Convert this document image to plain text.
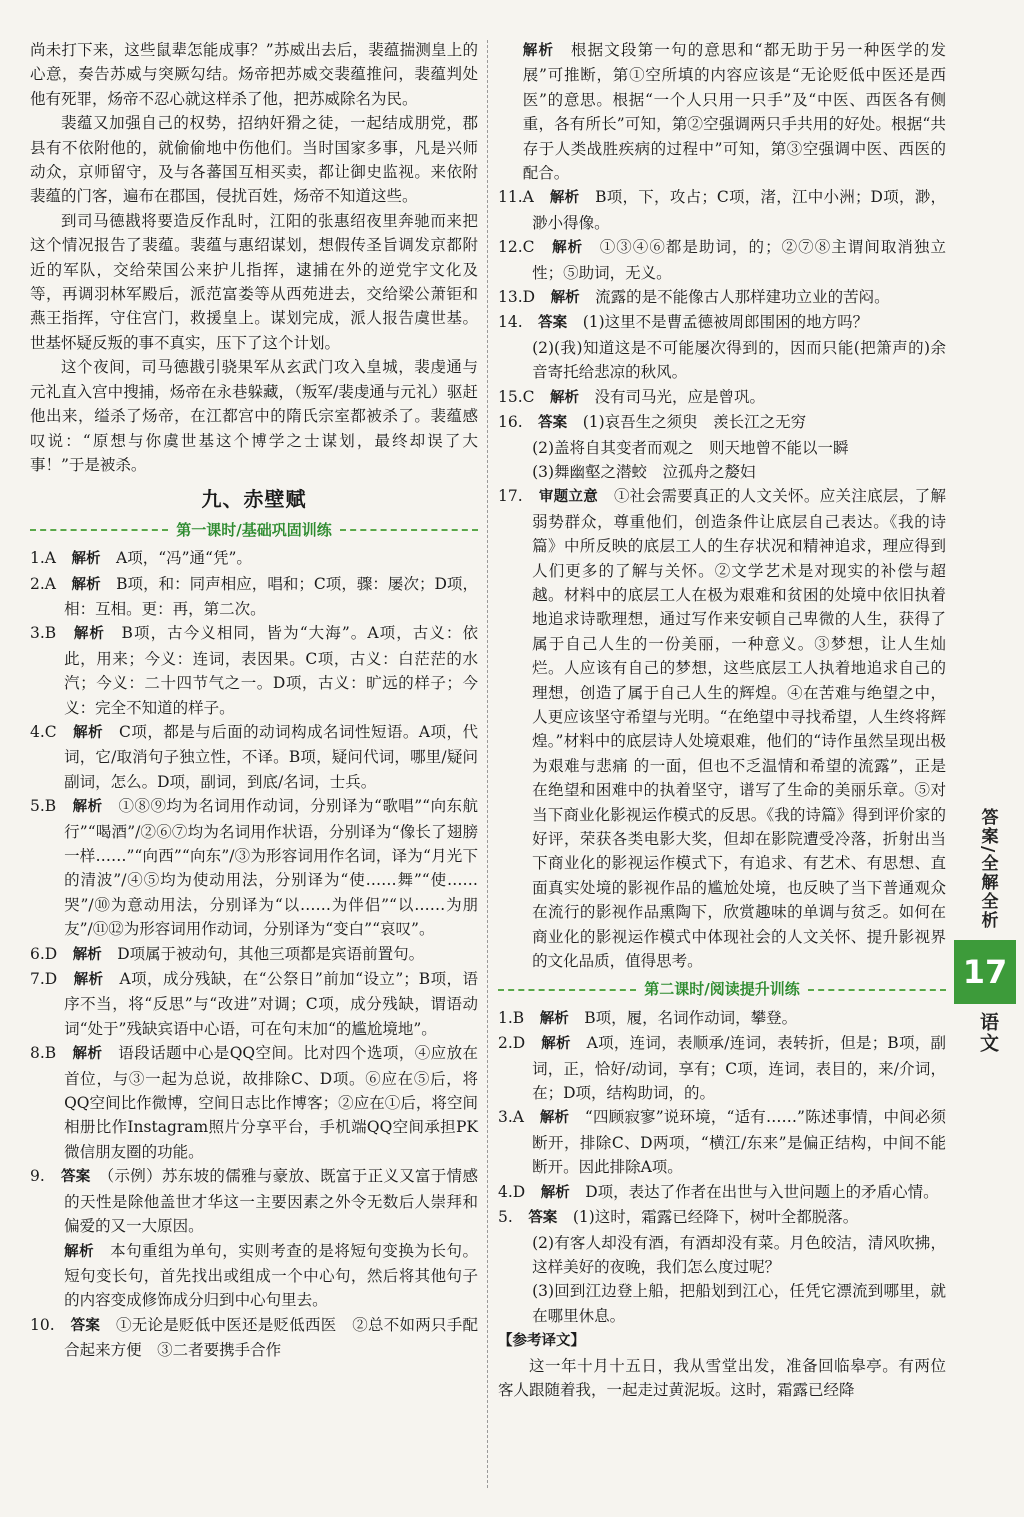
尚未打下来，这些鼠辈怎能成事？”苏威出去后，裴蕴揣测皇上的心意，奏告苏威与突厥勾结。炀帝把苏威交裴蕴推问，裴蕴判处他有死罪，炀帝不忍心就这样杀了他，把苏威除名为民。

裴蕴又加强自己的权势，招纳奸猾之徒，一起结成朋党，郡县有不依附他的，就偷偷地中伤他们。当时国家多事，凡是兴师动众，京师留守，及与各蕃国互相买卖，都让御史监视。来依附裴蕴的门客，遍布在郡国，侵扰百姓，炀帝不知道这些。

到司马德戡将要造反作乱时，江阳的张惠绍夜里奔驰而来把这个情况报告了裴蕴。裴蕴与惠绍谋划，想假传圣旨调发京都附近的军队，交给荣国公来护儿指挥，逮捕在外的逆党宇文化及等，再调羽林军殿后，派范富娄等从西苑进去，交给梁公萧钜和燕王指挥，守住宫门，救援皇上。谋划完成，派人报告虞世基。世基怀疑反叛的事不真实，压下了这个计划。

这个夜间，司马德戡引骁果军从玄武门攻入皇城，裴虔通与元礼直入宫中搜捕，炀帝在永巷躲藏，（叛军/裴虔通与元礼）驱赶他出来，缢杀了炀帝，在江都宫中的隋氏宗室都被杀了。裴蕴感叹说：“原想与你虞世基这个博学之士谋划，最终却误了大事！”于是被杀。

九、赤壁赋
第一课时/基础巩固训练

1.A　 解析　 A项，“冯”通“凭”。

2.A　 解析　 B项，和：同声相应，唱和；C项，骤：屡次；D项，相：互相。更：再，第二次。

3.B　 解析　 B项，古今义相同，皆为“大海”。A项，古义：依此，用来；今义：连词，表因果。C项，古义：白茫茫的水汽；今义：二十四节气之一。D项，古义：旷远的样子；今义：完全不知道的样子。

4.C　 解析　 C项，都是与后面的动词构成名词性短语。A项，代词，它/取消句子独立性，不译。B项，疑问代词，哪里/疑问副词，怎么。D项，副词，到底/名词，士兵。

5.B　 解析　 ①⑧⑨均为名词用作动词，分别译为“歌唱”“向东航行”“喝酒”/②⑥⑦均为名词用作状语，分别译为“像长了翅膀一样……”“向西”“向东”/③为形容词用作名词，译为“月光下的清波”/④⑤均为使动用法，分别译为“使……舞”“使……哭”/⑩为意动用法，分别译为“以……为伴侣”“以……为朋友”/⑪⑫为形容词用作动词，分别译为“变白”“哀叹”。

6.D　 解析　 D项属于被动句，其他三项都是宾语前置句。

7.D　 解析　 A项，成分残缺，在“公祭日”前加“设立”；B项，语序不当，将“反思”与“改进”对调；C项，成分残缺，谓语动词“处于”残缺宾语中心语，可在句末加“的尴尬境地”。

8.B　 解析　 语段话题中心是QQ空间。比对四个选项，④应放在首位，与③一起为总说，故排除C、D项。⑥应在⑤后，将QQ空间比作微博，空间日志比作博客；②应在①后，将空间相册比作Instagram照片分享平台，手机端QQ空间承担PK微信朋友圈的功能。

9.　 答案　 （示例）苏东坡的儒雅与豪放、既富于正义又富于情感的天性是除他盖世才华这一主要因素之外令无数后人崇拜和偏爱的又一大原因。

解析　 本句重组为单句，实则考查的是将短句变换为长句。短句变长句，首先找出或组成一个中心句，然后将其他句子的内容变成修饰成分归到中心句里去。

10.　 答案　 ①无论是贬低中医还是贬低西医　②总不如两只手配合起来方便　③二者要携手合作

解析　 根据文段第一句的意思和“都无助于另一种医学的发展”可推断，第①空所填的内容应该是“无论贬低中医还是西医”的意思。根据“一个人只用一只手”及“中医、西医各有侧重，各有所长”可知，第②空强调两只手共用的好处。根据“共存于人类战胜疾病的过程中”可知，第③空强调中医、西医的配合。

11.A　 解析　 B项，下，攻占；C项，渚，江中小洲；D项，渺，渺小得像。

12.C　 解析　 ①③④⑥都是助词，的；②⑦⑧主谓间取消独立性；⑤助词，无义。

13.D　 解析　 流露的是不能像古人那样建功立业的苦闷。

14.　 答案　 (1)这里不是曹孟德被周郎围困的地方吗？

(2)(我)知道这是不可能屡次得到的，因而只能(把箫声的)余音寄托给悲凉的秋风。

15.C　 解析　 没有司马光，应是曾巩。

16.　 答案　 (1)哀吾生之须臾　羡长江之无穷

(2)盖将自其变者而观之　则天地曾不能以一瞬

(3)舞幽壑之潜蛟　泣孤舟之嫠妇

17.　 审题立意　 ①社会需要真正的人文关怀。应关注底层，了解弱势群众，尊重他们，创造条件让底层自己表达。《我的诗篇》中所反映的底层工人的生存状况和精神追求，理应得到人们更多的了解与关怀。②文学艺术是对现实的补偿与超越。材料中的底层工人在极为艰难和贫困的处境中依旧执着地追求诗歌理想，通过写作来安顿自己卑微的人生，获得了属于自己人生的一份美丽，一种意义。③梦想，让人生灿烂。人应该有自己的梦想，这些底层工人执着地追求自己的理想，创造了属于自己人生的辉煌。④在苦难与绝望之中，人更应该坚守希望与光明。“在绝望中寻找希望，人生终将辉煌。”材料中的底层诗人处境艰难，他们的“诗作虽然呈现出极为艰难与悲痛 的一面，但也不乏温情和希望的流露”，正是在绝望和困难中的执着坚守，谱写了生命的美丽乐章。⑤对当下商业化影视运作模式的反思。《我的诗篇》得到评价家的好评，荣获各类电影大奖，但却在影院遭受冷落，折射出当下商业化的影视运作模式下，有追求、有艺术、有思想、直面真实处境的影视作品的尴尬处境，也反映了当下普通观众在流行的影视作品熏陶下，欣赏趣味的单调与贫乏。如何在商业化的影视运作模式中体现社会的人文关怀、提升影视界的文化品质，值得思考。

第二课时/阅读提升训练

1.B　 解析　 B项，履，名词作动词，攀登。

2.D　 解析　 A项，连词，表顺承/连词，表转折，但是；B项，副词，正，恰好/动词，享有；C项，连词，表目的，来/介词，在；D项，结构助词，的。

3.A　 解析　 “四顾寂寥”说环境，“适有……”陈述事情，中间必须断开，排除C、D两项，“横江/东来”是偏正结构，中间不能断开。因此排除A项。

4.D　 解析　 D项，表达了作者在出世与入世问题上的矛盾心情。

5.　 答案　 (1)这时，霜露已经降下，树叶全都脱落。

(2)有客人却没有酒，有酒却没有菜。月色皎洁，清风吹拂，这样美好的夜晚，我们怎么度过呢？

(3)回到江边登上船，把船划到江心，任凭它漂流到哪里，就在哪里休息。

【参考译文】

这一年十月十五日，我从雪堂出发，准备回临皋亭。有两位客人跟随着我，一起走过黄泥坂。这时，霜露已经降

答案/全解全析
17
语文
